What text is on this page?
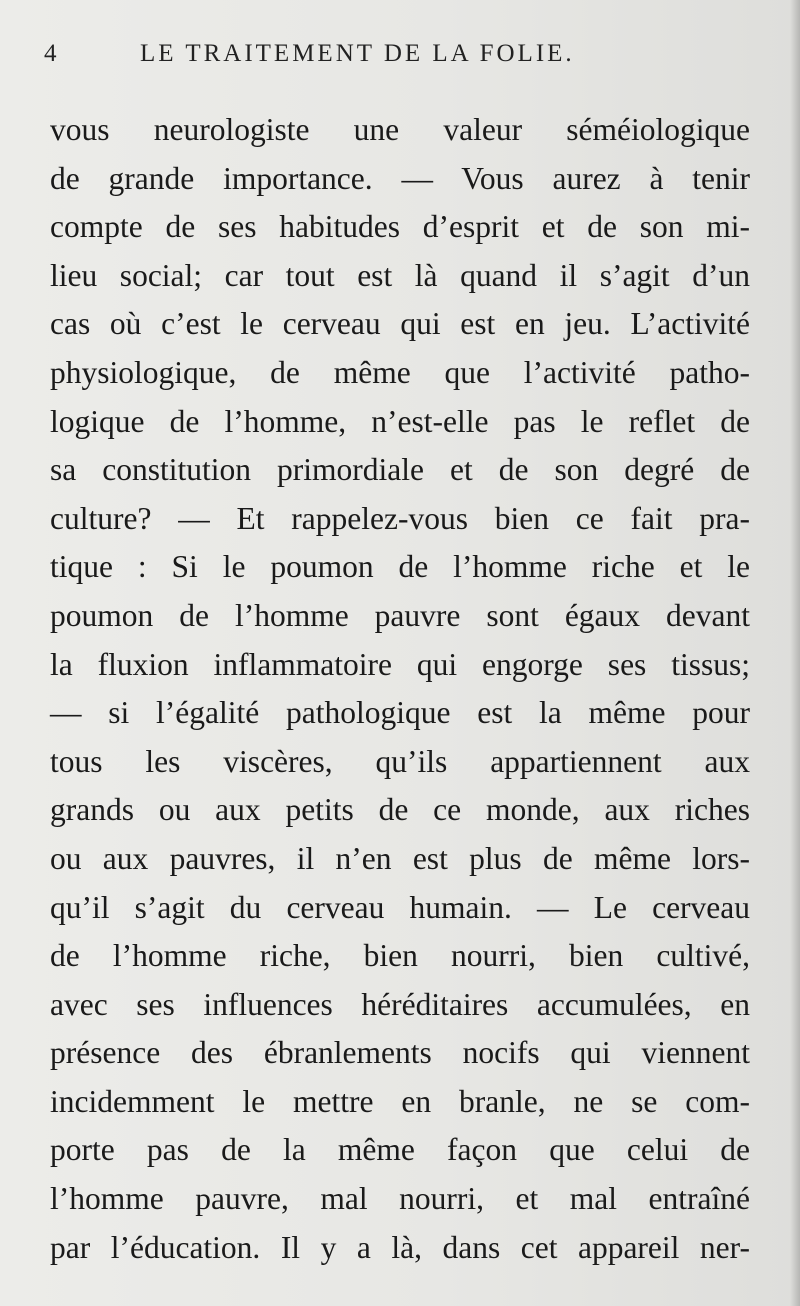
4	LE TRAITEMENT DE LA FOLIE.
vous neurologiste une valeur séméiologique
de grande importance. — Vous aurez à tenir
compte de ses habitudes d’esprit et de son mi-
lieu social; car tout est là quand il s’agit d’un
cas où c’est le cerveau qui est en jeu. L’activité
physiologique, de même que l’activité patho-
logique de l’homme, n’est-elle pas le reflet de
sa constitution primordiale et de son degré de
culture? — Et rappelez-vous bien ce fait pra-
tique : Si le poumon de l’homme riche et le
poumon de l’homme pauvre sont égaux devant
la fluxion inflammatoire qui engorge ses tissus;
— si l’égalité pathologique est la même pour
tous les viscères, qu’ils appartiennent aux
grands ou aux petits de ce monde, aux riches
ou aux pauvres, il n’en est plus de même lors-
qu’il s’agit du cerveau humain. — Le cerveau
de l’homme riche, bien nourri, bien cultivé,
avec ses influences héréditaires accumulées, en
présence des ébranlements nocifs qui viennent
incidemment le mettre en branle, ne se com-
porte pas de la même façon que celui de
l’homme pauvre, mal nourri, et mal entraîné
par l’éducation. Il y a là, dans cet appareil ner-
